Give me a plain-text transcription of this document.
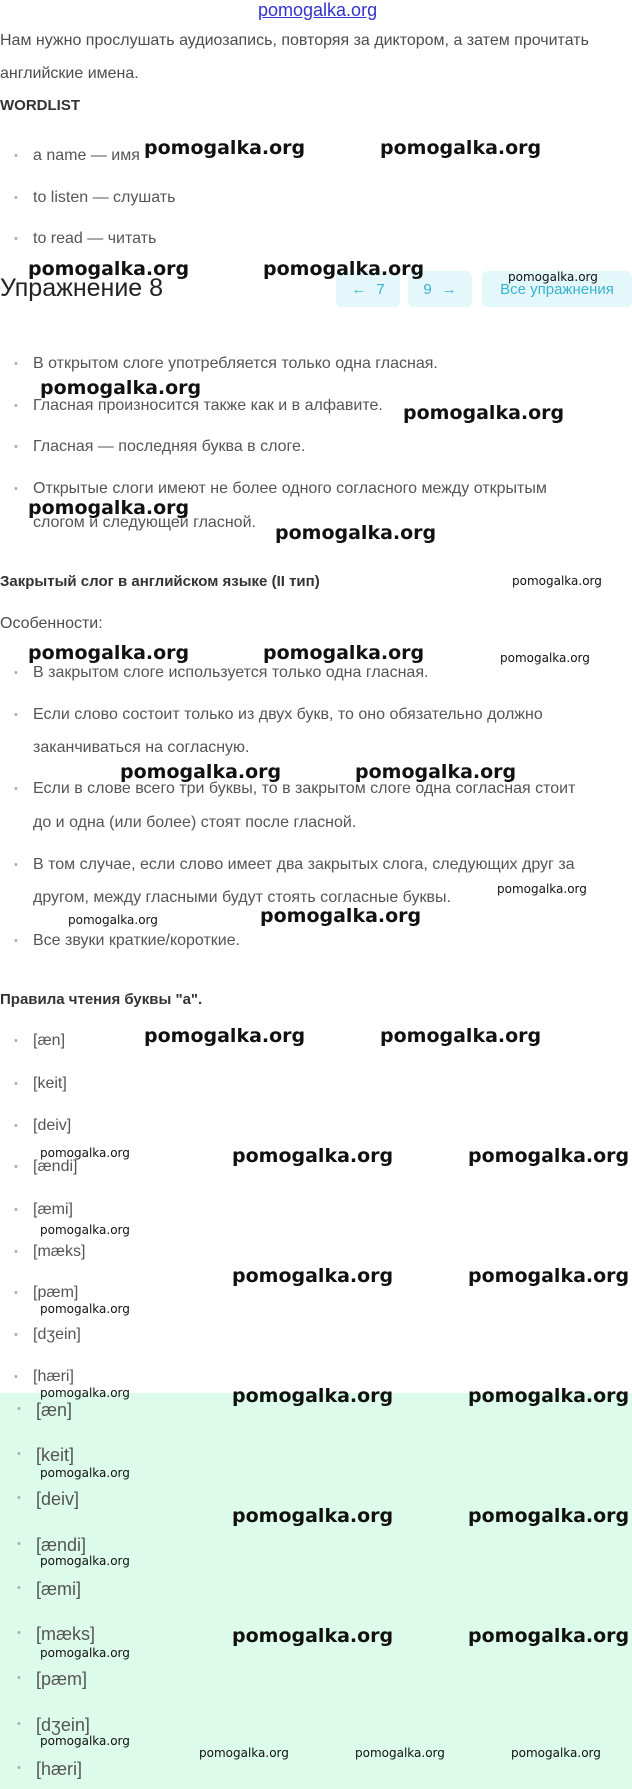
pomogalka.org
Нам нужно прослушать аудиозапись, повторяя за диктором, а затем прочитать
английские имена.
WORDLIST
• a name — имя
• to listen — слушать
• to read — читать
Упражнение 8	← 7	9 →	Все упражнения
• В открытом слоге употребляется только одна гласная.
• Гласная произносится также как и в алфавите.
• Гласная — последняя буква в слоге.
• Открытые слоги имеют не более одного согласного между открытым
слогом и следующей гласной.
Закрытый слог в английском языке (II тип)
Особенности:
• В закрытом слоге используется только одна гласная.
• Если слово состоит только из двух букв, то оно обязательно должно
заканчиваться на согласную.
• Если в слове всего три буквы, то в закрытом слоге одна согласная стоит
до и одна (или более) стоят после гласной.
• В том случае, если слово имеет два закрытых слога, следующих друг за
другом, между гласными будут стоять согласные буквы.
• Все звуки краткие/короткие.
Правила чтения буквы "a".
• [æn]
• [keit]
• [deiv]
• [ændi]
• [æmi]
• [mæks]
• [pæm]
• [dʒein]
• [hæri]
• [æn]
• [keit]
• [deiv]
• [ændi]
• [æmi]
• [mæks]
• [pæm]
• [dʒein]
• [hæri]
pomogalka.org	pomogalka.org
pomogalka.org	pomogalka.org	pomogalka.org
pomogalka.org
pomogalka.org
pomogalka.org
pomogalka.org
pomogalka.org
pomogalka.org	pomogalka.org	pomogalka.org
pomogalka.org	pomogalka.org
pomogalka.org
pomogalka.org	pomogalka.org
pomogalka.org	pomogalka.org
pomogalka.org	pomogalka.org	pomogalka.org
pomogalka.org
pomogalka.org	pomogalka.org
pomogalka.org
pomogalka.org	pomogalka.org	pomogalka.org
pomogalka.org
pomogalka.org	pomogalka.org
pomogalka.org
pomogalka.org
pomogalka.org	pomogalka.org
pomogalka.org
pomogalka.org	pomogalka.org	pomogalka.org
